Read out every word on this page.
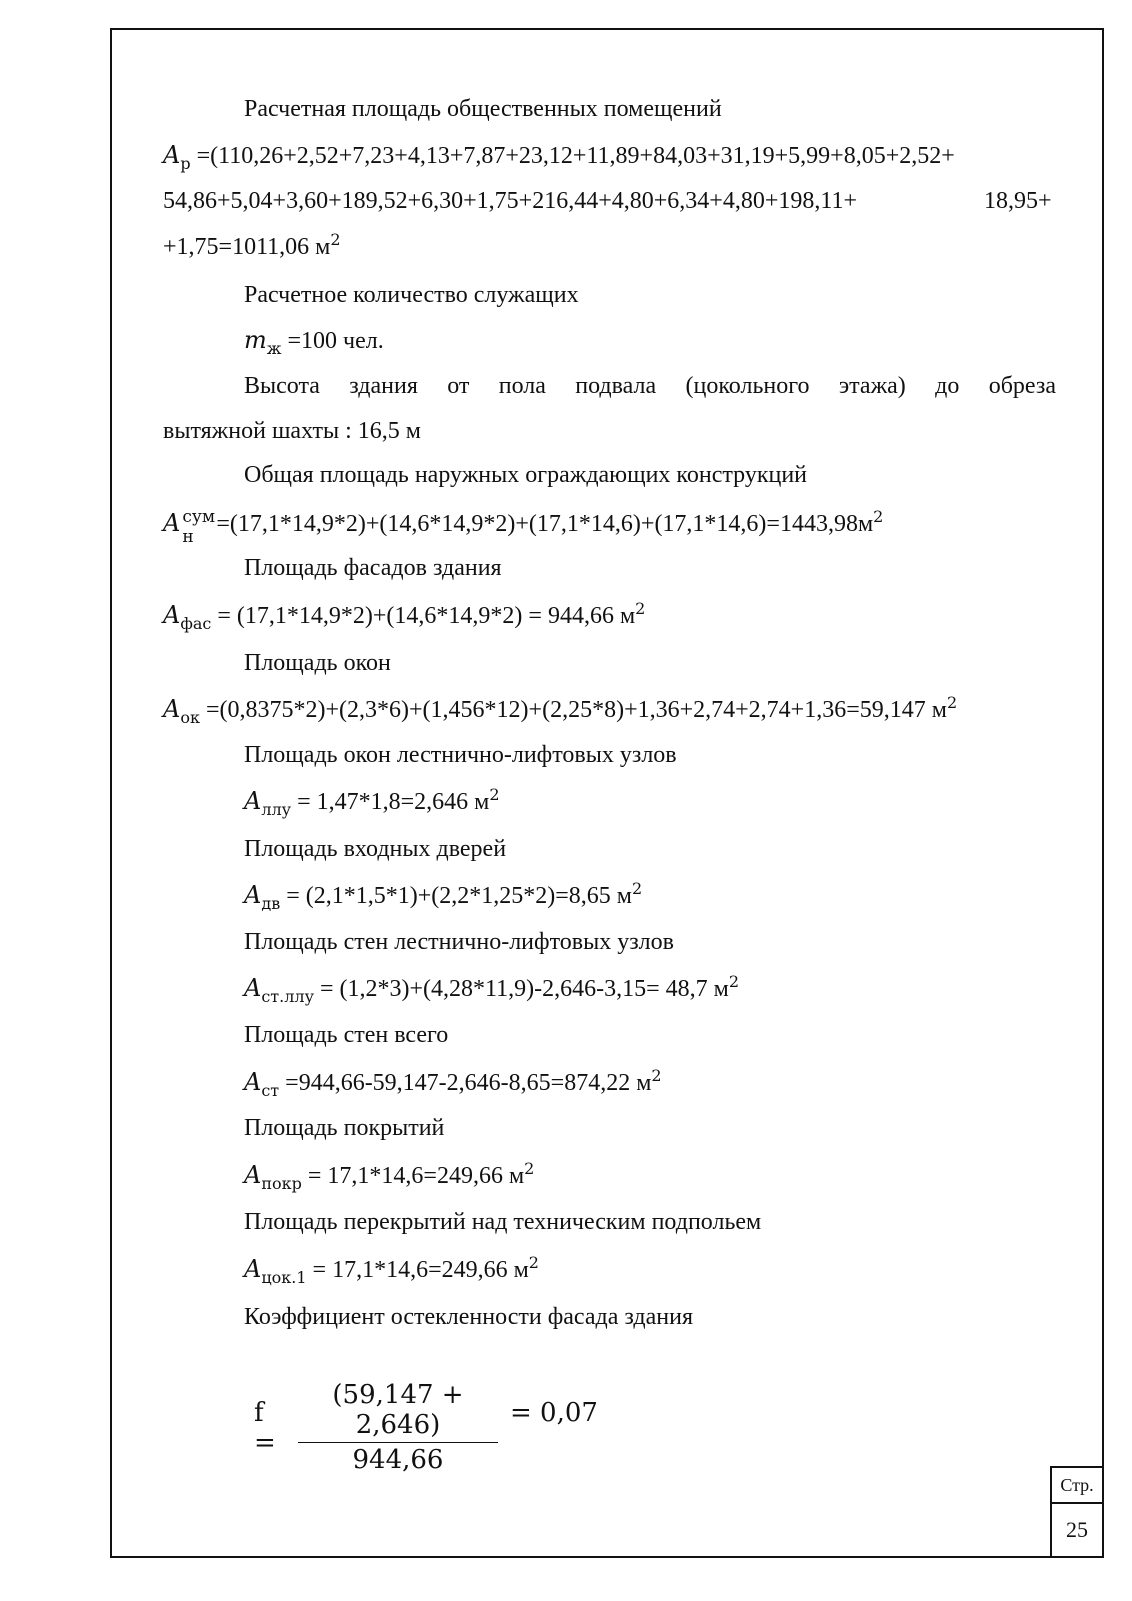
Расчетная площадь общественных помещений
$A_р =(110,26+2,52+7,23+4,13+7,87+23,12+11,89+84,03+31,19+5,99+8,05+2,52+$
54,86+5,04+3,60+189,52+6,30+1,75+216,44+4,80+6,34+4,80+198,11+	18,95+
+1,75=1011,06 $м^2$
Расчетное количество служащих
$m_ж =100$ чел.
Высота здания от пола подвала (цокольного этажа) до обреза
вытяжной шахты : 16,5 м
Общая площадь наружных ограждающих конструкций
A сум
$н =(17,1*14,9*2)+(14,6*14,9*2)+(17,1*14,6)+(17,1*14,6)=1443,98м^2$
Площадь фасадов здания
$A_{фас} = (17,1*14,9*2)+(14,6*14,9*2) = 944,66$ $м^2$
Площадь окон
$A_{ок} =(0,8375*2)+(2,3*6)+(1,456*12)+(2,25*8)+1,36+2,74+2,74+1,36=59,147$ $м^2$
Площадь окон лестнично-лифтовых узлов
$A_{ллу} = 1,47*1,8=2,646$ $м^2$
Площадь входных дверей
$A_{дв} = (2,1*1,5*1)+(2,2*1,25*2)=8,65$ $м^2$
Площадь стен лестнично-лифтовых узлов
$A_{ст.ллу} = (1,2*3)+(4,28*11,9)-2,646-3,15= 48,7$ $м^2$
Площадь стен всего
$A_{ст} =944,66-59,147-2,646-8,65=874,22$ $м^2$
Площадь покрытий
$A_{покр} = 17,1*14,6=249,66$ $м^2$
Площадь перекрытий над техническим подпольем
$A_{цок.1} = 17,1*14,6=249,66$ $м^2$
Коэффициент остекленности фасада здания
f =
(59,147 + 2,646)
944,66
= 0,07
Стр.
25
